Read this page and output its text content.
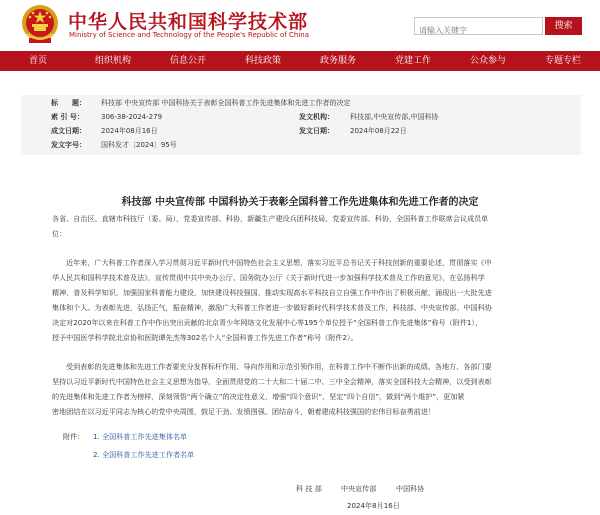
中华人民共和国科学技术部
Ministry of Science and Technology of the People's Republic of China
请输入关键字
搜索
首页	组织机构	信息公开	科技政策	政务服务	党建工作	公众参与	专题专栏
标　　题： 科技部 中央宣传部 中国科协关于表彰全国科普工作先进集体和先进工作者的决定
索 引 号： 306-38-2024-279	发文机构： 科技部,中央宣传部,中国科协
成文日期： 2024年08月16日	发文日期： 2024年08月22日
发文字号： 国科发才〔2024〕95号
科技部 中央宣传部 中国科协关于表彰全国科普工作先进集体和先进工作者的决定
各省、自治区、直辖市科技厅（委、局），党委宣传部、科协，新疆生产建设兵团科技局、党委宣传部、科协，全国科普工作联席会议成员单
位：
近年来，广大科普工作者深入学习贯彻习近平新时代中国特色社会主义思想，落实习近平总书记关于科技创新的重要论述，贯彻落实《中
华人民共和国科学技术普及法》，宣传贯彻中共中央办公厅、国务院办公厅《关于新时代进一步加强科学技术普及工作的意见》，在弘扬科学
精神，普及科学知识，加强国家科普能力建设，加快建设科技强国，推动实现高水平科技自立自强工作中作出了积极贡献，涌现出一大批先进
集体和个人。为表彰先进，弘扬正气，振奋精神，激励广大科普工作者进一步做好新时代科学技术普及工作，科技部、中央宣传部、中国科协
决定对2020年以来在科普工作中作出突出贡献的北京青少年网络文化发展中心等195个单位授予“全国科普工作先进集体”称号（附件1），
授予中国医学科学院北京协和医院谭先杰等302名个人“全国科普工作先进工作者”称号（附件2）。
受到表彰的先进集体和先进工作者要充分发挥标杆作用、导向作用和示范引领作用，在科普工作中不断作出新的成绩。各地方、各部门要
坚持以习近平新时代中国特色社会主义思想为指导，全面贯彻党的二十大和二十届二中、三中全会精神，落实全国科技大会精神，以受到表彰
的先进集体和先进工作者为榜样，深刻领悟“两个确立”的决定性意义，增强“四个意识”，坚定“四个自信”，做到“两个维护”，更加紧
密地团结在以习近平同志为核心的党中央周围，鼓足干劲、发愤图强、团结奋斗，朝着建成科技强国的宏伟目标奋勇前进！
附件： 1. 全国科普工作先进集体名单
2. 全国科普工作先进工作者名单
科 技 部	中央宣传部	中国科协
2024年8月16日
